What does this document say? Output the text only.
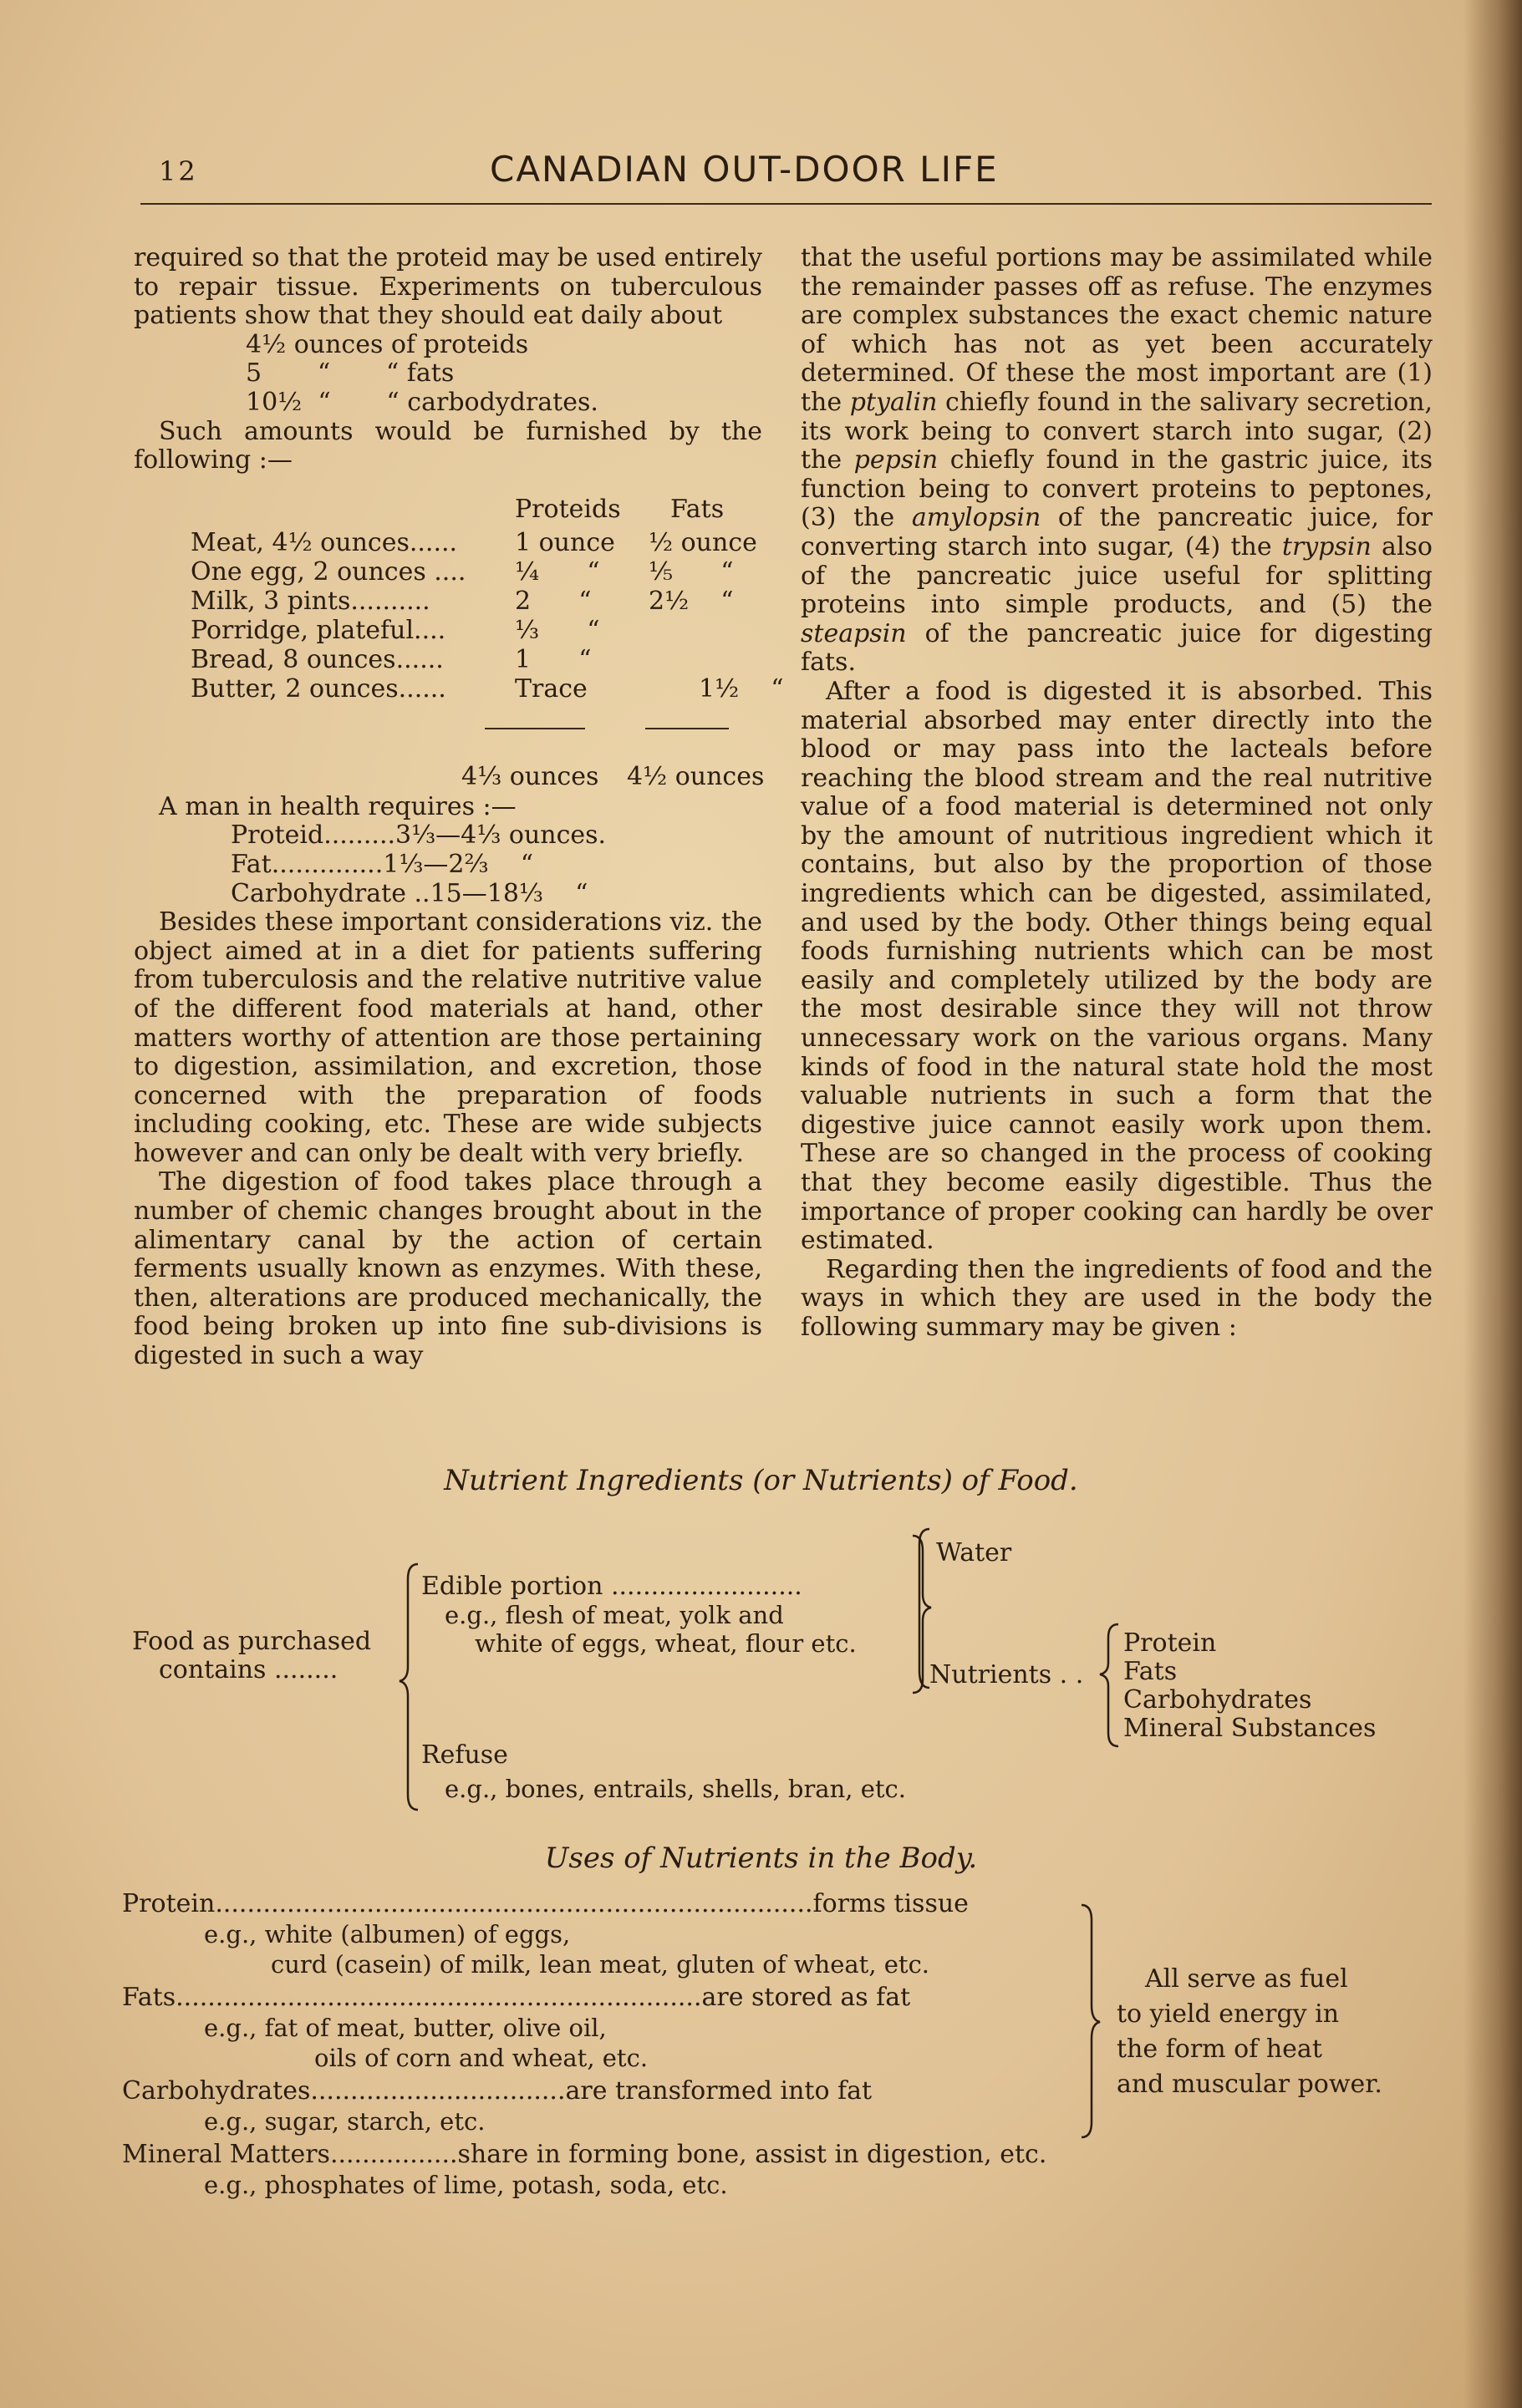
12	CANADIAN OUT-DOOR LIFE

required so that the proteid may be used entirely to repair tissue. Experiments on tuberculous patients show that they should eat daily about

4½ ounces of proteids
5       “       “ fats
10½  “       “ carbodydrates.

Such amounts would be furnished by the following :—

Proteids Fats
Meat, 4½ ounces...... 1 ounce ½ ounce
One egg, 2 ounces .... ¼      “ ⅕      “
Milk, 3 pints..........	2      “ 2½    “
Porridge, plateful....	⅓      “
Bread, 8 ounces......	1      “
Butter, 2 ounces......	Trace	1½    “
4⅓ ounces 4½ ounces

A man in health requires :—

Proteid.........3⅓—4⅓ ounces.
Fat..............1⅓—2⅔    “
Carbohydrate ..15—18⅓    “

Besides these important considerations viz. the object aimed at in a diet for patients suffering from tuberculosis and the relative nutritive value of the different food materials at hand, other matters worthy of attention are those pertaining to digestion, assimilation, and excretion, those concerned with the preparation of foods including cooking, etc. These are wide subjects however and can only be dealt with very briefly.

The digestion of food takes place through a number of chemic changes brought about in the alimentary canal by the action of certain ferments usually known as enzymes. With these, then, alterations are produced mechanically, the food being broken up into fine sub-divisions is digested in such a way

that the useful portions may be assimilated while the remainder passes off as refuse. The enzymes are complex substances the exact chemic nature of which has not as yet been accurately determined. Of these the most important are (1) the ptyalin chiefly found in the salivary secretion, its work being to convert starch into sugar, (2) the pepsin chiefly found in the gastric juice, its function being to convert proteins to peptones, (3) the amylopsin of the pancreatic juice, for converting starch into sugar, (4) the trypsin also of the pancreatic juice useful for splitting proteins into simple products, and (5) the steapsin of the pancreatic juice for digesting fats.

After a food is digested it is absorbed. This material absorbed may enter directly into the blood or may pass into the lacteals before reaching the blood stream and the real nutritive value of a food material is determined not only by the amount of nutritious ingredient which it contains, but also by the proportion of those ingredients which can be digested, assimilated, and used by the body. Other things being equal foods furnishing nutrients which can be most easily and completely utilized by the body are the most desirable since they will not throw unnecessary work on the various organs. Many kinds of food in the natural state hold the most valuable nutrients in such a form that the digestive juice cannot easily work upon them. These are so changed in the process of cooking that they become easily digestible. Thus the importance of proper cooking can hardly be over estimated.

Regarding then the ingredients of food and the ways in which they are used in the body the following summary may be given :

Nutrient Ingredients (or Nutrients) of Food.
Food as purchased
contains ........
Edible portion ........................
e.g., flesh of meat, yolk and
white of eggs, wheat, flour etc.
Refuse
e.g., bones, entrails, shells, bran, etc.
Water
Nutrients . .
Protein
Fats
Carbohydrates
Mineral Substances
Uses of Nutrients in the Body.
Protein...........................................................................forms tissue
e.g., white (albumen) of eggs,
curd (casein) of milk, lean meat, gluten of wheat, etc.
Fats..................................................................are stored as fat
e.g., fat of meat, butter, olive oil,
oils of corn and wheat, etc.
Carbohydrates................................are transformed into fat
e.g., sugar, starch, etc.
Mineral Matters................share in forming bone, assist in digestion, etc.
e.g., phosphates of lime, potash, soda, etc.
All serve as fuel
to yield energy in
the form of heat
and muscular power.
